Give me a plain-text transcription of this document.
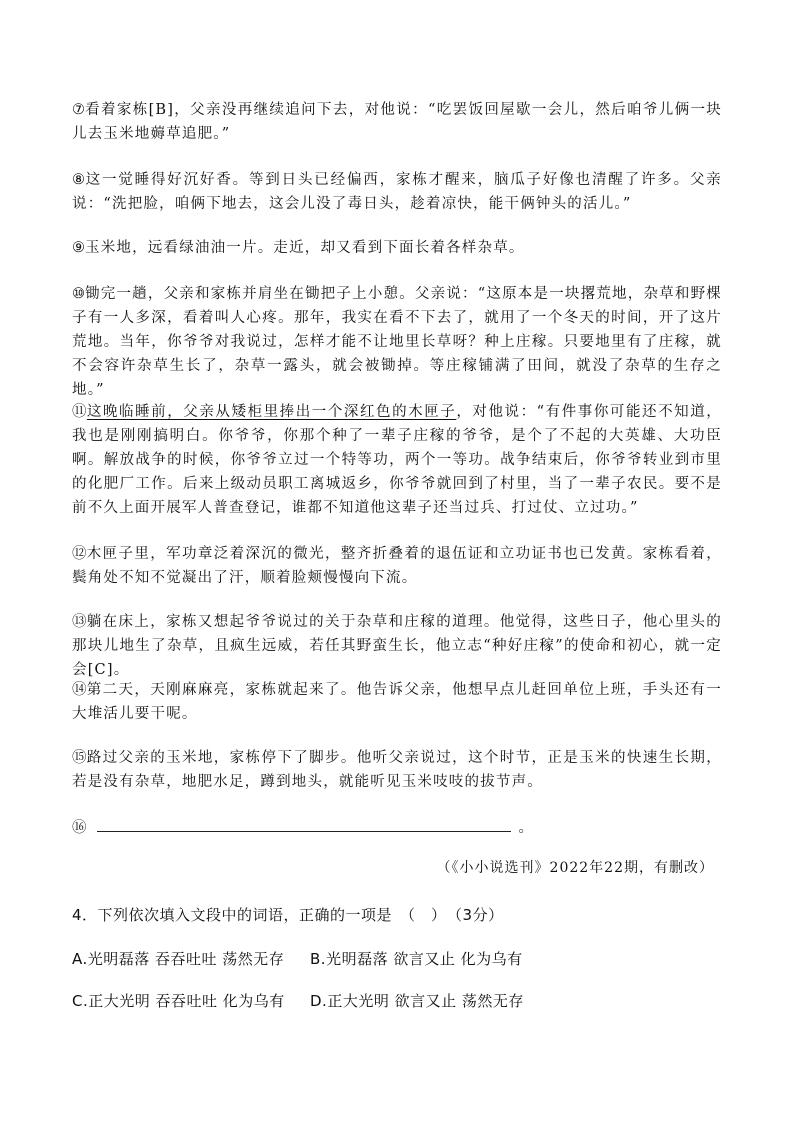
⑦看着家栋[B]，父亲没再继续追问下去，对他说：“吃罢饭回屋歇一会儿，然后咱爷儿俩一块儿去玉米地薅草追肥。”

⑧这一觉睡得好沉好香。等到日头已经偏西，家栋才醒来，脑瓜子好像也清醒了许多。父亲说：“洗把脸，咱俩下地去，这会儿没了毒日头，趁着凉快，能干俩钟头的活儿。”

⑨玉米地，远看绿油油一片。走近，却又看到下面长着各样杂草。

⑩锄完一趟，父亲和家栋并肩坐在锄把子上小憩。父亲说：“这原本是一块撂荒地，杂草和野棵子有一人多深，看着叫人心疼。那年，我实在看不下去了，就用了一个冬天的时间，开了这片荒地。当年，你爷爷对我说过，怎样才能不让地里长草呀？种上庄稼。只要地里有了庄稼，就不会容许杂草生长了，杂草一露头，就会被锄掉。等庄稼铺满了田间，就没了杂草的生存之地。”

⑪这晚临睡前，父亲从矮柜里捧出一个深红色的木匣子，对他说：“有件事你可能还不知道，我也是刚刚搞明白。你爷爷，你那个种了一辈子庄稼的爷爷，是个了不起的大英雄、大功臣啊。解放战争的时候，你爷爷立过一个特等功，两个一等功。战争结束后，你爷爷转业到市里的化肥厂工作。后来上级动员职工离城返乡，你爷爷就回到了村里，当了一辈子农民。要不是前不久上面开展军人普查登记，谁都不知道他这辈子还当过兵、打过仗、立过功。”

⑫木匣子里，军功章泛着深沉的微光，整齐折叠着的退伍证和立功证书也已发黄。家栋看着，鬓角处不知不觉凝出了汗，顺着脸颊慢慢向下流。

⑬躺在床上，家栋又想起爷爷说过的关于杂草和庄稼的道理。他觉得，这些日子，他心里头的那块儿地生了杂草，且疯生远威，若任其野蛮生长，他立志“种好庄稼”的使命和初心，就一定会[C]。

⑭第二天，天刚麻麻亮，家栋就起来了。他告诉父亲，他想早点儿赶回单位上班，手头还有一大堆活儿要干呢。

⑮路过父亲的玉米地，家栋停下了脚步。他听父亲说过，这个时节，正是玉米的快速生长期，若是没有杂草，地肥水足，蹲到地头，就能听见玉米吱吱的拔节声。

⑯	。

（《小小说选刊》2022年22期，有删改）
4．下列依次填入文段中的词语，正确的一项是　（　）　（3分）
A.光明磊落 吞吞吐吐 荡然无存 B.光明磊落 欲言又止 化为乌有
C.正大光明 吞吞吐吐 化为乌有 D.正大光明 欲言又止 荡然无存
